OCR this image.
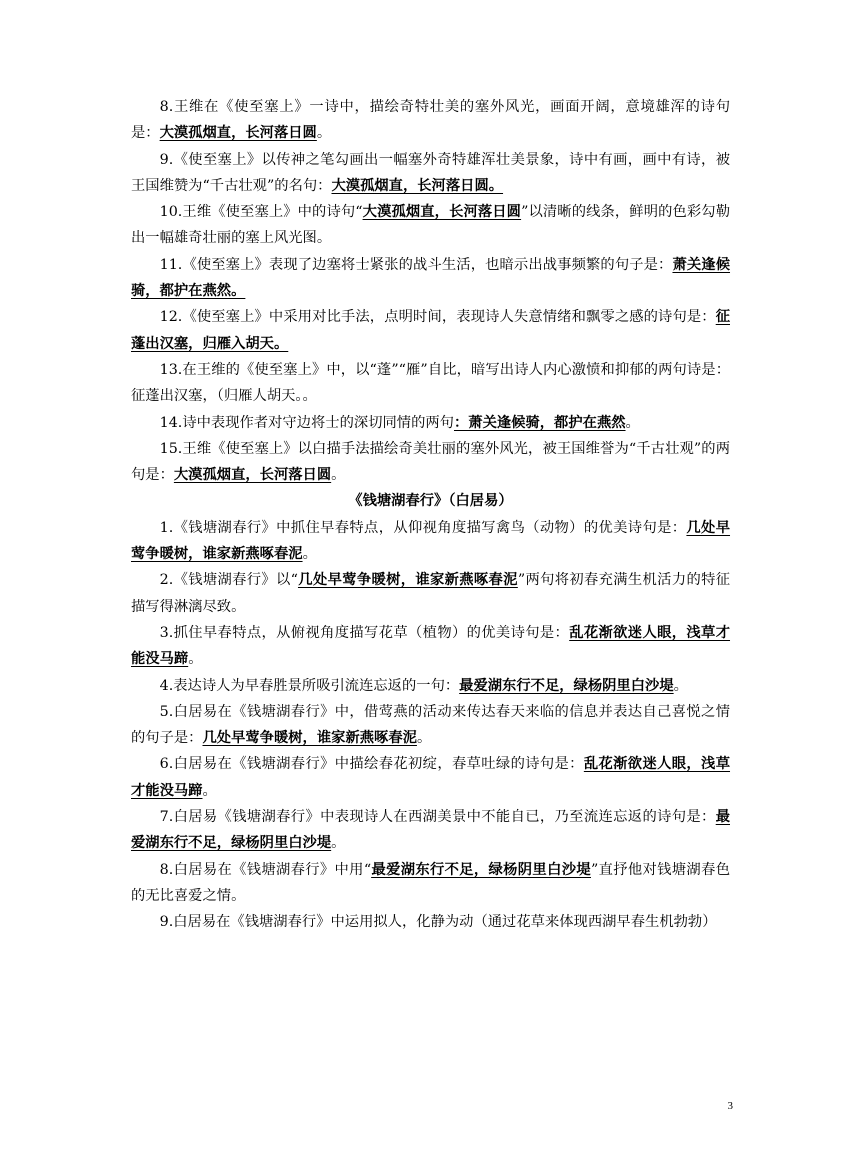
8.王维在《使至塞上》一诗中，描绘奇特壮美的塞外风光，画面开阔，意境雄浑的诗句是：大漠孤烟直，长河落日圆。

9.《使至塞上》以传神之笔勾画出一幅塞外奇特雄浑壮美景象，诗中有画，画中有诗，被王国维赞为“千古壮观”的名句：大漠孤烟直，长河落日圆。

10.王维《使至塞上》中的诗句“大漠孤烟直，长河落日圆”以清晰的线条，鲜明的色彩勾勒出一幅雄奇壮丽的塞上风光图。

11.《使至塞上》表现了边塞将士紧张的战斗生活，也暗示出战事频繁的句子是：萧关逢候骑，都护在燕然。

12.《使至塞上》中采用对比手法，点明时间，表现诗人失意情绪和飘零之感的诗句是：征蓬出汉塞，归雁入胡天。

13.在王维的《使至塞上》中，以“蓬”“雁”自比，暗写出诗人内心激愤和抑郁的两句诗是：征蓬出汉塞，（归雁人胡天。。

14.诗中表现作者对守边将士的深切同情的两句：萧关逢候骑，都护在燕然。

15.王维《使至塞上》以白描手法描绘奇美壮丽的塞外风光，被王国维誉为“千古壮观”的两句是：大漠孤烟直，长河落日圆。

《钱塘湖春行》（白居易）

1.《钱塘湖春行》中抓住早春特点，从仰视角度描写禽鸟（动物）的优美诗句是：几处早莺争暖树，谁家新燕啄春泥。

2.《钱塘湖春行》以“几处早莺争暖树，谁家新燕啄春泥”两句将初春充满生机活力的特征描写得淋漓尽致。

3.抓住早春特点，从俯视角度描写花草（植物）的优美诗句是：乱花渐欲迷人眼，浅草才能没马蹄。

4.表达诗人为早春胜景所吸引流连忘返的一句：最爱湖东行不足，绿杨阴里白沙堤。

5.白居易在《钱塘湖春行》中，借莺燕的活动来传达春天来临的信息并表达自己喜悦之情的句子是：几处早莺争暖树，谁家新燕啄春泥。

6.白居易在《钱塘湖春行》中描绘春花初绽，春草吐绿的诗句是：乱花渐欲迷人眼，浅草才能没马蹄。

7.白居易《钱塘湖春行》中表现诗人在西湖美景中不能自已，乃至流连忘返的诗句是：最爱湖东行不足，绿杨阴里白沙堤。

8.白居易在《钱塘湖春行》中用“最爱湖东行不足，绿杨阴里白沙堤”直抒他对钱塘湖春色的无比喜爱之情。

9.白居易在《钱塘湖春行》中运用拟人，化静为动（通过花草来体现西湖早春生机勃勃）

3
